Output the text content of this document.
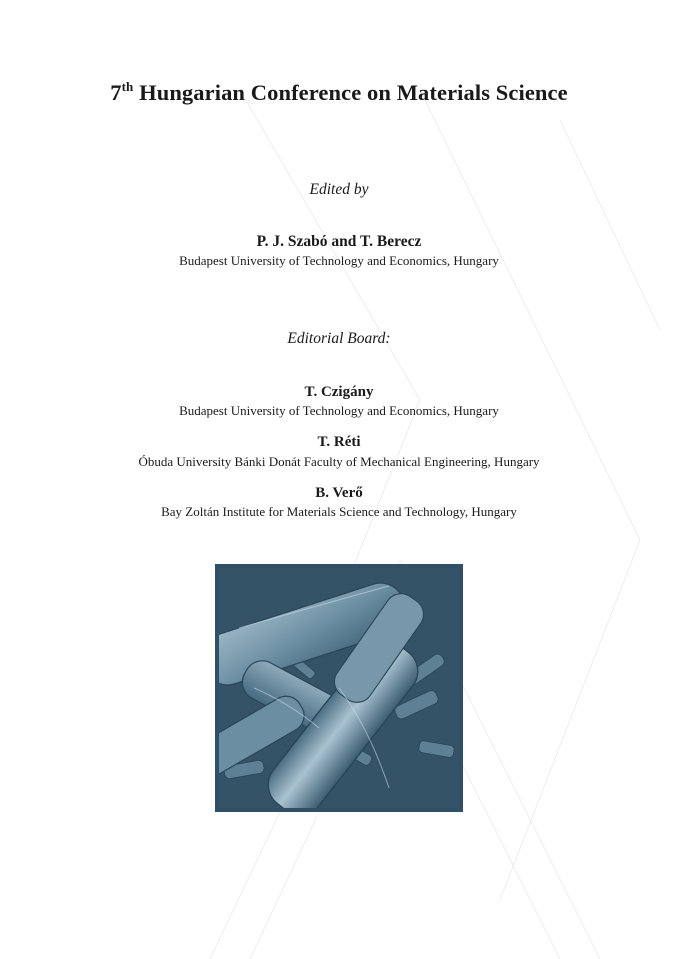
7th Hungarian Conference on Materials Science
Edited by
P. J. Szabó and T. Berecz
Budapest University of Technology and Economics, Hungary
Editorial Board:
T. Czigány
Budapest University of Technology and Economics, Hungary
T. Réti
Óbuda University Bánki Donát Faculty of Mechanical Engineering, Hungary
B. Verő
Bay Zoltán Institute for Materials Science and Technology, Hungary
